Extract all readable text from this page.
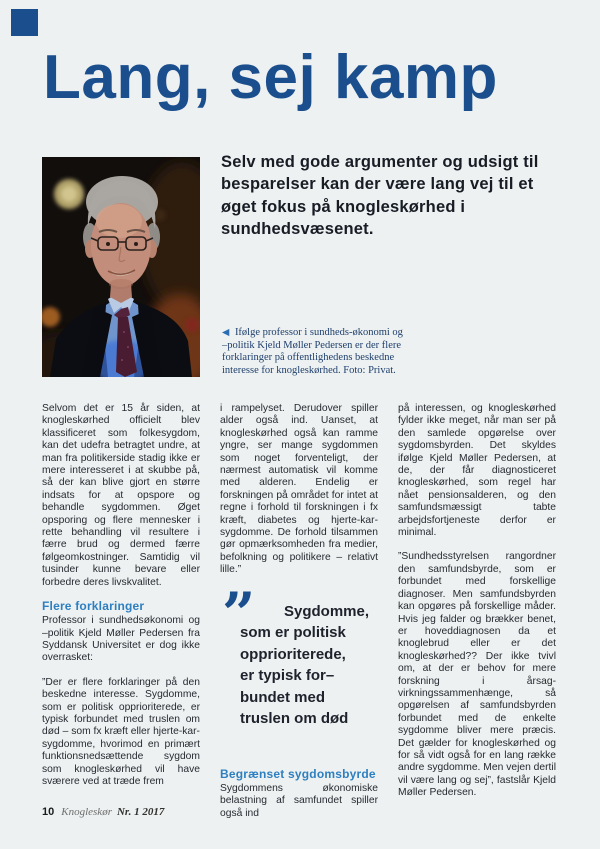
Lang, sej kamp

Selv med gode argumenter og udsigt til besparelser kan der være lang vej til et øget fokus på knogleskørhed i sundhedsvæsenet.

◀ Ifølge professor i sundheds-økonomi og –politik Kjeld Møller Pedersen er der flere forklaringer på offentlighedens beskedne interesse for knogleskørhed. Foto: Privat.

Selvom det er 15 år siden, at knogleskørhed officielt blev klassificeret som folkesygdom, kan det udefra betragtet undre, at man fra politikerside stadig ikke er mere interesseret i at skubbe på, så der kan blive gjort en større indsats for at opspore og behandle sygdommen. Øget opsporing og flere mennesker i rette behandling vil resultere i færre brud og dermed færre følgeomkostninger. Samtidig vil tusinder kunne bevare eller forbedre deres livskvalitet.

Flere forklaringer

Professor i sundhedsøkonomi og –politik Kjeld Møller Pedersen fra Syddansk Universitet er dog ikke overrasket:

”Der er flere forklaringer på den beskedne interesse. Sygdomme, som er politisk opprioriterede, er typisk forbundet med truslen om død – som fx kræft eller hjerte-kar-sygdomme, hvorimod en primært funktionsnedsættende sygdom som knogleskørhed vil have sværere ved at træde frem

i rampelyset. Derudover spiller alder også ind. Uanset, at knogleskørhed også kan ramme yngre, ser mange sygdommen som noget forventeligt, der nærmest automatisk vil komme med alderen. Endelig er forskningen på området for intet at regne i forhold til forskningen i fx kræft, diabetes og hjerte-kar-sygdomme. De forhold tilsammen gør opmærksomheden fra medier, befolkning og politikere – relativt lille.”

”	Sygdomme,
som er politisk
opprioriterede,
er typisk for–
bundet med
truslen om død
Begrænset sygdomsbyrde

Sygdommens økonomiske belastning af samfundet spiller også ind

på interessen, og knogleskørhed fylder ikke meget, når man ser på den samlede opgørelse over sygdomsbyrden. Det skyldes ifølge Kjeld Møller Pedersen, at de, der får diagnosticeret knogleskørhed, som regel har nået pensionsalderen, og den samfundsmæssigt tabte arbejdsfortjeneste derfor er minimal.

”Sundhedsstyrelsen rangordner den samfundsbyrde, som er forbundet med forskellige diagnoser. Men samfundsbyrden kan opgøres på forskellige måder. Hvis jeg falder og brækker benet, er hoveddiagnosen da et knoglebrud eller er det knogleskørhed?? Der ikke tvivl om, at der er behov for mere forskning i årsag-virkningssammenhænge, så opgørelsen af samfundsbyrden forbundet med de enkelte sygdomme bliver mere præcis. Det gælder for knogleskørhed og for så vidt også for en lang række andre sygdomme. Men vejen dertil vil være lang og sej”, fastslår Kjeld Møller Pedersen.

10 Knogleskør Nr. 1 2017
